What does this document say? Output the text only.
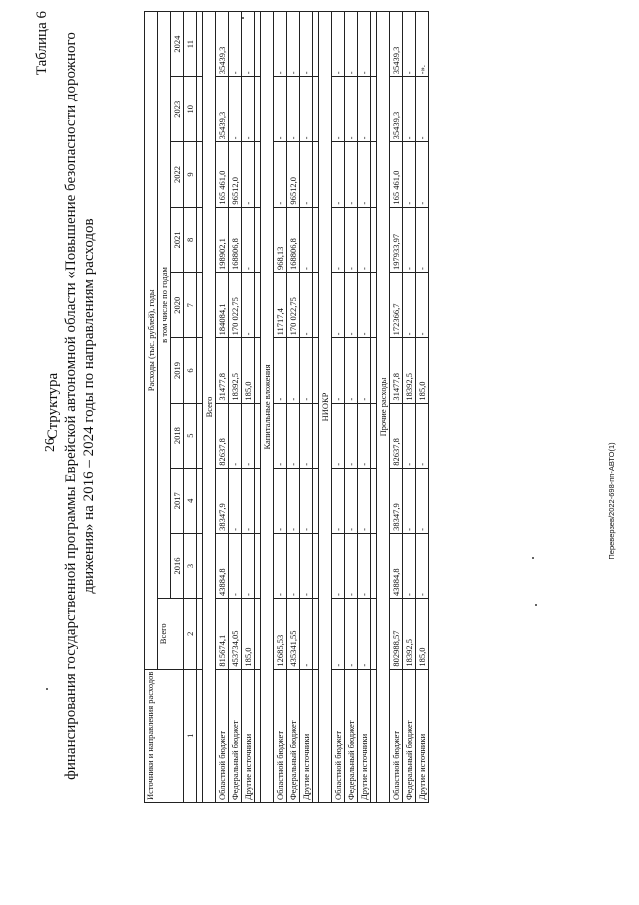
26	Переверзев/2022-698-пп-АВТО(1)
Таблица 6
Структура финансирования государственной программы Еврейской автономной области «Повышение безопасности дорожного движения» на 2016 – 2024 годы по направлениям расходов
Источники и направления расходов	Расходы (тыс. рублей), годы									
	Всего	в том числе по годам								
		2016	2017	2018	2019	2020	2021	2022	2023	2024
1	2	3	4	5	6	7	8	9	10	11

Всего										
Областной бюджет	815674,1	43884,8	38347,9	82637,8	31477,8	184084,1	198902,1	165 461,0	35439,3	35439,3
Федеральный бюджет	453734,05	-	-	-	18392,5	170 022,75	168806,8	96512,0	-	-
Другие источники	185,0	-	-	-	185,0	-	-	-	-	-

Капитальные вложения										
Областной бюджет	12685,53	-	-	-	-	11717,4	968,13	-	-	-
Федеральный бюджет	435341,55	-	-	-	-	170 022,75	168806,8	96512,0	-	-
Другие источники	-	-	-	-	-	-	-	-	-	-

НИОКР										
Областной бюджет	-	-	-	-	-	-	-	-	-	-
Федеральный бюджет	-	-	-	-	-	-	-	-	-	-
Другие источники	-	-	-	-	-	-	-	-	-	-

Прочие расходы										
Областной бюджет	802988,57	43884,8	38347,9	82637,8	31477,8	172366,7	197933,97	165 461,0	35439,3	35439,3
Федеральный бюджет	18392,5	-	-	-	18392,5	-	-	-	-	-
Другие источники	185,0	-	-	-	185,0	-	-	-	-	-».
